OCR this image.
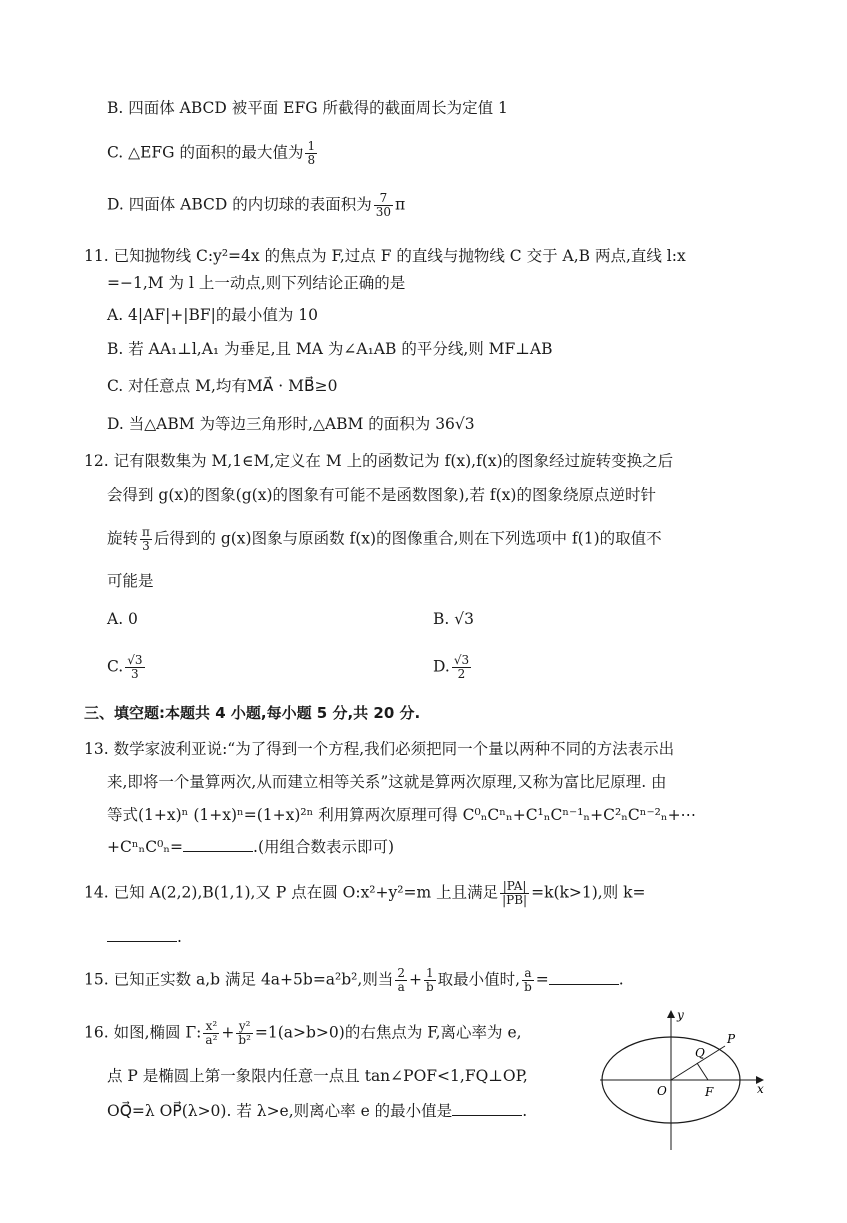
B. 四面体 ABCD 被平面 EFG 所截得的截面周长为定值 1
C. △EFG 的面积的最大值为 $\frac{1}{8}$
D. 四面体 ABCD 的内切球的表面积为 $\frac{7}{30}$ π
11. 已知抛物线 C:y²=4x 的焦点为 F,过点 F 的直线与抛物线 C 交于 A,B 两点,直线 l:x
=−1,M 为 l 上一动点,则下列结论正确的是
A. 4|AF|+|BF|的最小值为 10
B. 若 AA₁⊥l,A₁ 为垂足,且 MA 为∠A₁AB 的平分线,则 MF⊥AB
C. 对任意点 M,均有MA⃗ · MB⃗≥0
D. 当△ABM 为等边三角形时,△ABM 的面积为 36√3
12. 记有限数集为 M,1∈M,定义在 M 上的函数记为 f(x),f(x)的图象经过旋转变换之后
会得到 g(x)的图象(g(x)的图象有可能不是函数图象),若 f(x)的图象绕原点逆时针
旋转 $\frac{\pi}{3}$ 后得到的 g(x)图象与原函数 f(x)的图像重合,则在下列选项中 f(1)的取值不
可能是
A. 0	B. √3
C. $\frac{√3}{3}$	D. $\frac{√3}{2}$
三、填空题:本题共 4 小题,每小题 5 分,共 20 分.
13. 数学家波利亚说:“为了得到一个方程,我们必须把同一个量以两种不同的方法表示出
来,即将一个量算两次,从而建立相等关系”这就是算两次原理,又称为富比尼原理. 由
等式(1+x)ⁿ (1+x)ⁿ=(1+x)²ⁿ 利用算两次原理可得 C⁰ₙCⁿₙ+C¹ₙCⁿ⁻¹ₙ+C²ₙCⁿ⁻²ₙ+⋯
+CⁿₙC⁰ₙ=	.(用组合数表示即可)
14. 已知 A(2,2),B(1,1),又 P 点在圆 O:x²+y²=m 上且满足 $\frac{|PA|}{|PB|} =k(k>1)$,则 k=
.
15. 已知正实数 a,b 满足 4a+5b=a²b²,则当 $\frac{2}{a} + \frac{1}{b}$ 取最小值时, $\frac{a}{b}$ =	.
16. 如图,椭圆 Γ: $\frac{\text{x²}}{\text{a²}} + \frac{\text{y²}}{\text{b²}} =1(a>b>0)$的右焦点为 F,离心率为 e,
点 P 是椭圆上第一象限内任意一点且 tan∠POF<1,FQ⊥OP,
OQ⃗=λ OP⃗(λ>0). 若 λ>e,则离心率 e 的最小值是	.
y
x
O	F
P
Q
